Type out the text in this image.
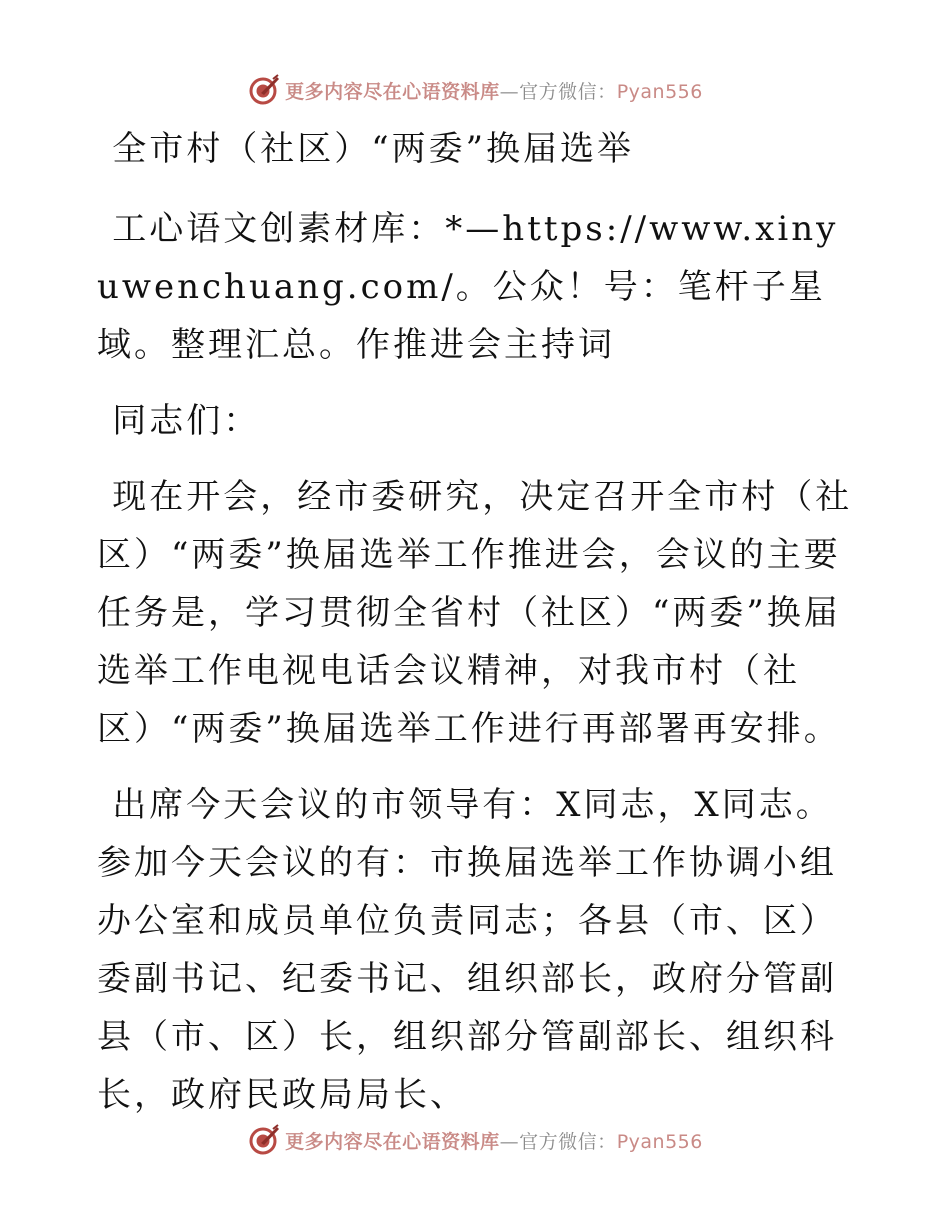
更多内容尽在心语资料库—官方微信：Pyan556

全市村（社区）“两委”换届选举

工心语文创素材库：*—https://www.xinyuwenchuang.com/。公众！号：笔杆子星域。整理汇总。作推进会主持词

同志们：

现在开会，经市委研究，决定召开全市村（社区）“两委”换届选举工作推进会，会议的主要任务是，学习贯彻全省村（社区）“两委”换届选举工作电视电话会议精神，对我市村（社区）“两委”换届选举工作进行再部署再安排。

出席今天会议的市领导有：X同志，X同志。参加今天会议的有：市换届选举工作协调小组办公室和成员单位负责同志；各县（市、区）委副书记、纪委书记、组织部长，政府分管副县（市、区）长，组织部分管副部长、组织科长，政府民政局局长、

更多内容尽在心语资料库—官方微信：Pyan556
